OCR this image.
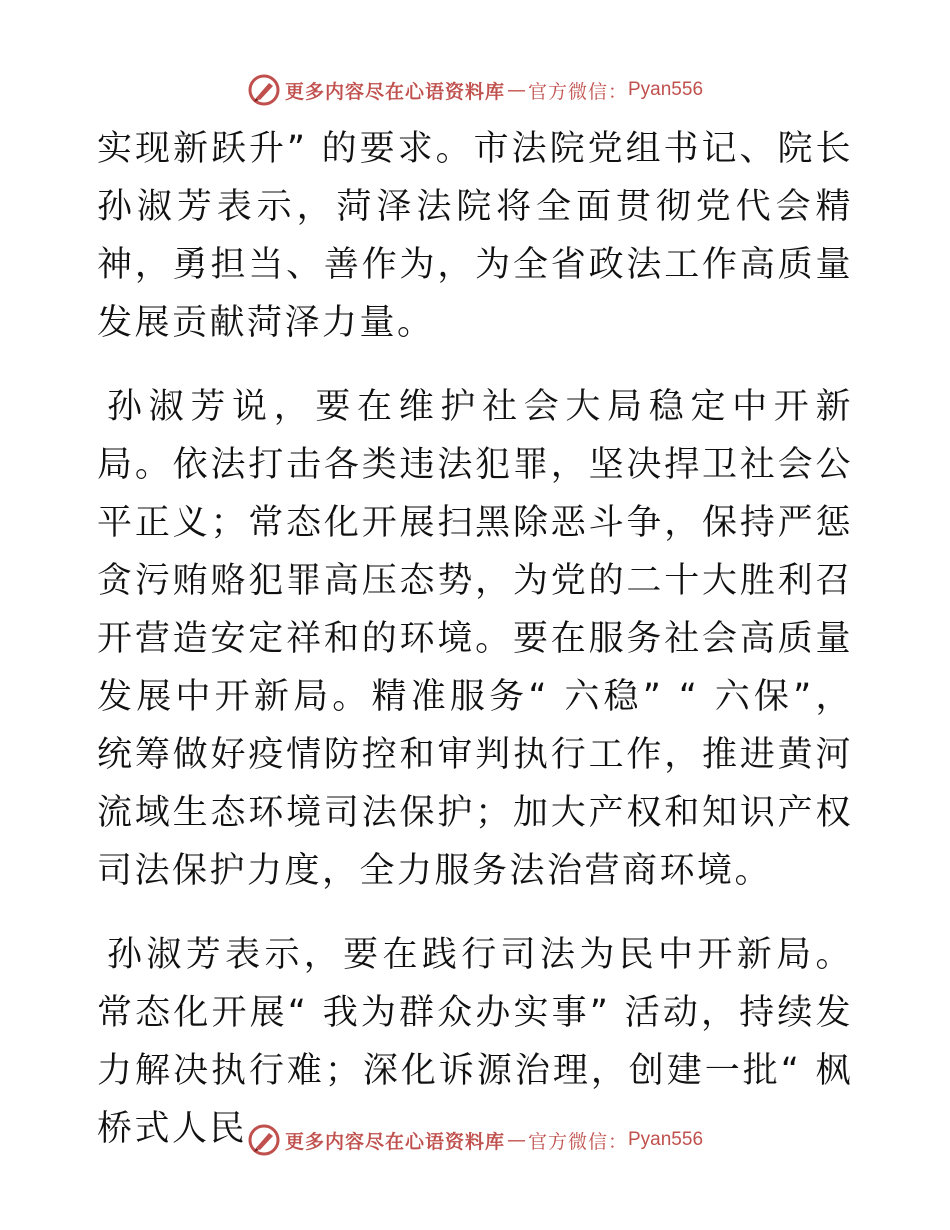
更多内容尽在心语资料库 — 官方微信： Pyan556

实现新跃升” 的要求。市法院党组书记、院长孙淑芳表示，菏泽法院将全面贯彻党代会精神，勇担当、善作为，为全省政法工作高质量发展贡献菏泽力量。

孙淑芳说，要在维护社会大局稳定中开新局。依法打击各类违法犯罪，坚决捍卫社会公平正义；常态化开展扫黑除恶斗争，保持严惩贪污贿赂犯罪高压态势，为党的二十大胜利召开营造安定祥和的环境。要在服务社会高质量发展中开新局。精准服务“ 六稳” “ 六保”，统筹做好疫情防控和审判执行工作，推进黄河流域生态环境司法保护；加大产权和知识产权司法保护力度，全力服务法治营商环境。

孙淑芳表示，要在践行司法为民中开新局。常态化开展“ 我为群众办实事” 活动，持续发力解决执行难；深化诉源治理，创建一批“ 枫桥式人民	更多内容尽在心语资料库 — 官方微信： Pyan556
